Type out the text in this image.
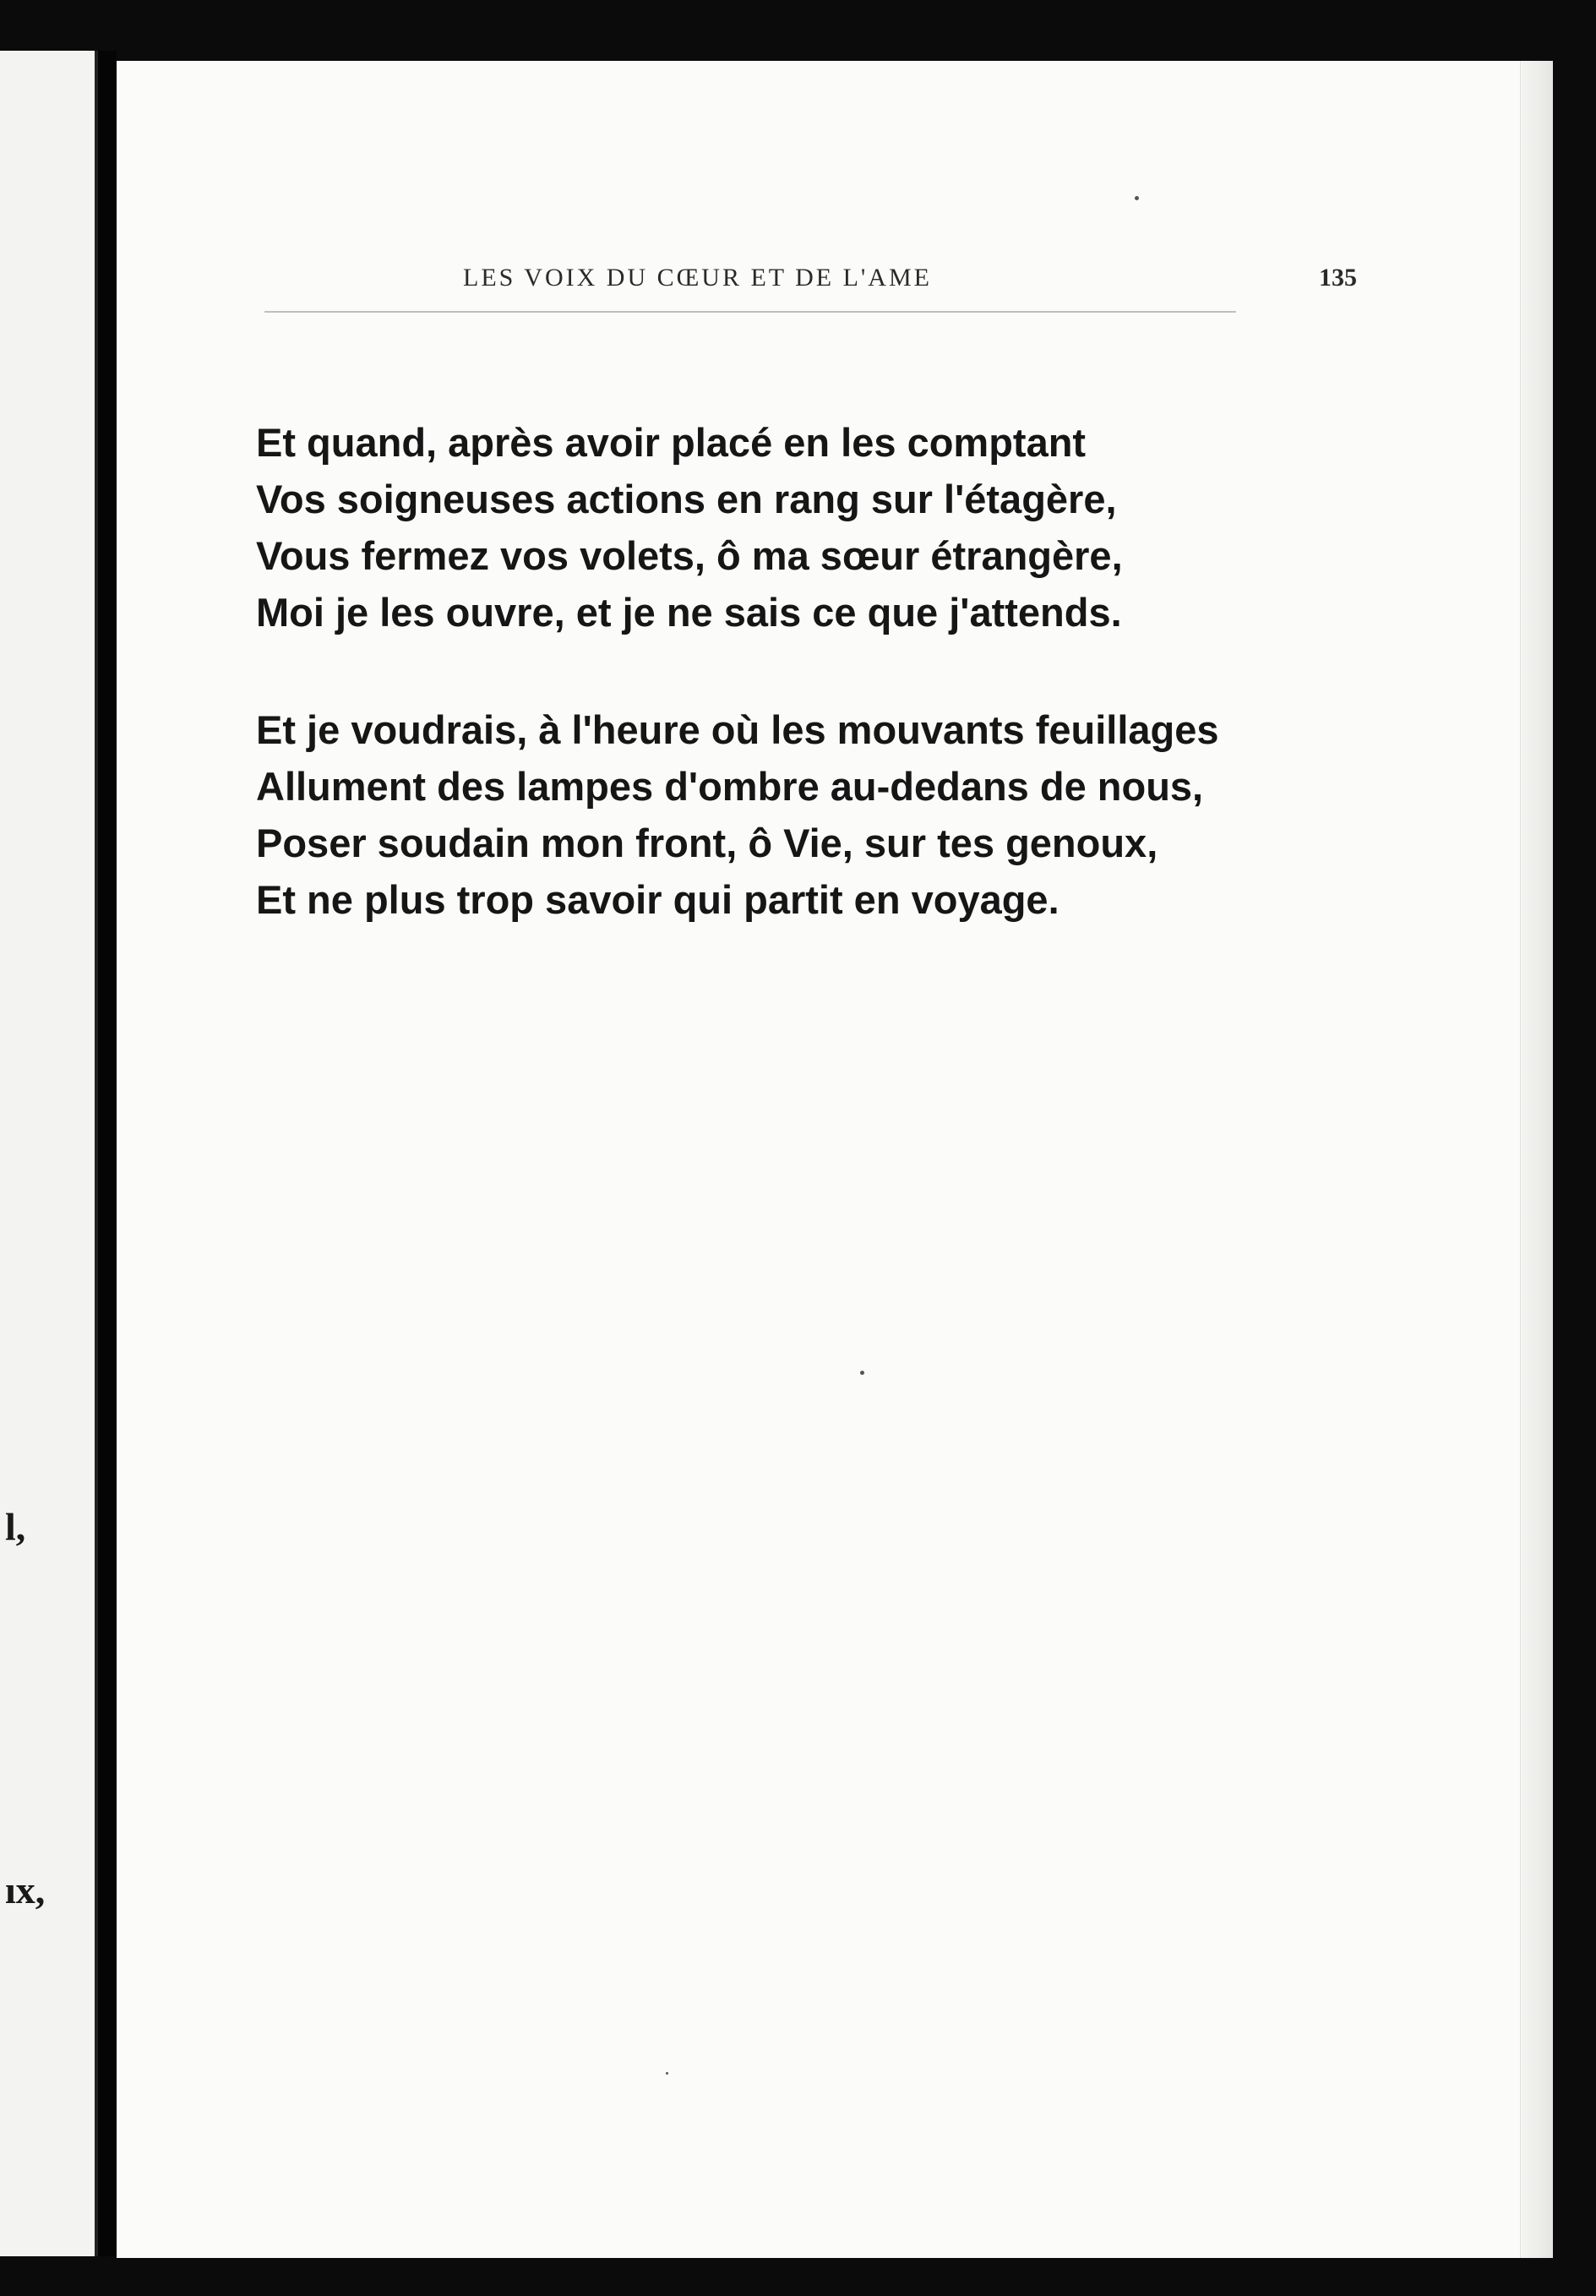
l,
ıx,
LES VOIX DU CŒUR ET DE L'AME	135
Et quand, après avoir placé en les comptant
Vos soigneuses actions en rang sur l'étagère,
Vous fermez vos volets, ô ma sœur étrangère,
Moi je les ouvre, et je ne sais ce que j'attends.
Et je voudrais, à l'heure où les mouvants feuillages
Allument des lampes d'ombre au-dedans de nous,
Poser soudain mon front, ô Vie, sur tes genoux,
Et ne plus trop savoir qui partit en voyage.
